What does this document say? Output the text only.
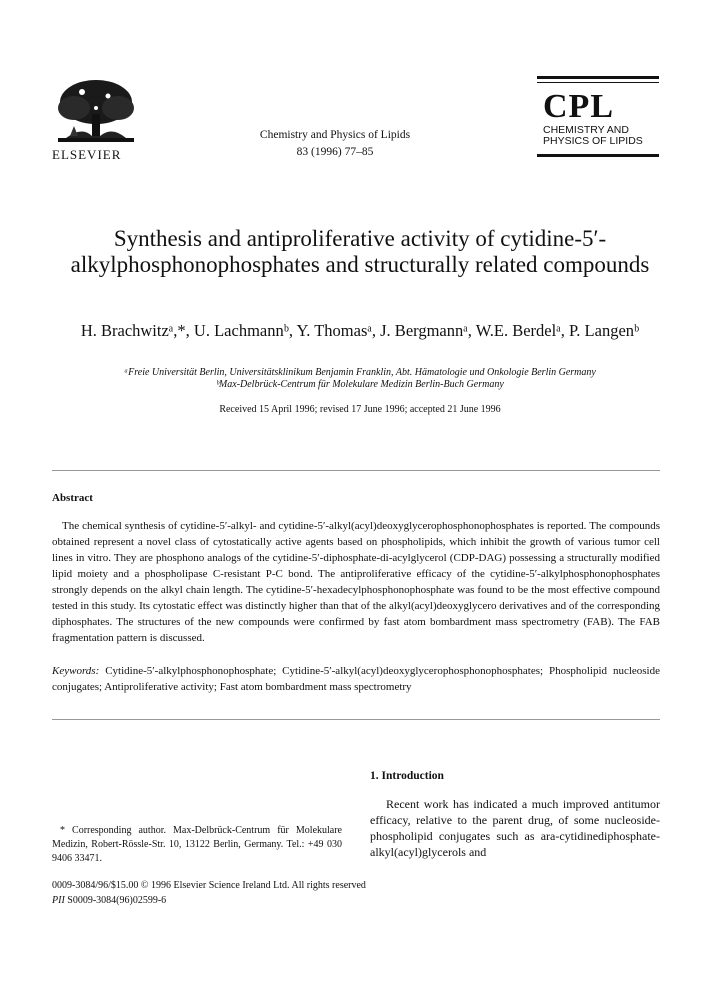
ELSEVIER
Chemistry and Physics of Lipids
83 (1996) 77–85
CPL
CHEMISTRY AND
PHYSICS OF LIPIDS
Synthesis and antiproliferative activity of cytidine-5′-alkylphosphonophosphates and structurally related compounds
H. Brachwitzᵃ,*, U. Lachmannᵇ, Y. Thomasᵃ, J. Bergmannᵃ, W.E. Berdelᵃ, P. Langenᵇ
ᵃFreie Universität Berlin, Universitätsklinikum Benjamin Franklin, Abt. Hämatologie und Onkologie Berlin Germany
ᵇMax-Delbrück-Centrum für Molekulare Medizin Berlin-Buch Germany
Received 15 April 1996; revised 17 June 1996; accepted 21 June 1996
Abstract
The chemical synthesis of cytidine-5′-alkyl- and cytidine-5′-alkyl(acyl)deoxyglycerophosphonophosphates is reported. The compounds obtained represent a novel class of cytostatically active agents based on phospholipids, which inhibit the growth of various tumor cell lines in vitro. They are phosphono analogs of the cytidine-5′-diphosphate-di-acylglycerol (CDP-DAG) possessing a structurally modified lipid moiety and a phospholipase C-resistant P-C bond. The antiproliferative efficacy of the cytidine-5′-alkylphosphonophosphates strongly depends on the alkyl chain length. The cytidine-5′-hexadecylphosphonophosphate was found to be the most effective compound tested in this study. Its cytostatic effect was distinctly higher than that of the alkyl(acyl)deoxyglycero derivatives and of the corresponding diphosphates. The structures of the new compounds were confirmed by fast atom bombardment mass spectrometry (FAB). The FAB fragmentation pattern is discussed.
Keywords: Cytidine-5′-alkylphosphonophosphate; Cytidine-5′-alkyl(acyl)deoxyglycerophosphonophosphates; Phospholipid nucleoside conjugates; Antiproliferative activity; Fast atom bombardment mass spectrometry
1. Introduction
Recent work has indicated a much improved antitumor efficacy, relative to the parent drug, of some nucleoside-phospholipid conjugates such as ara-cytidinediphosphate-alkyl(acyl)glycerols and
* Corresponding author. Max-Delbrück-Centrum für Molekulare Medizin, Robert-Rössle-Str. 10, 13122 Berlin, Germany. Tel.: +49 030 9406 33471.
0009-3084/96/$15.00 © 1996 Elsevier Science Ireland Ltd. All rights reserved
PII S0009-3084(96)02599-6
